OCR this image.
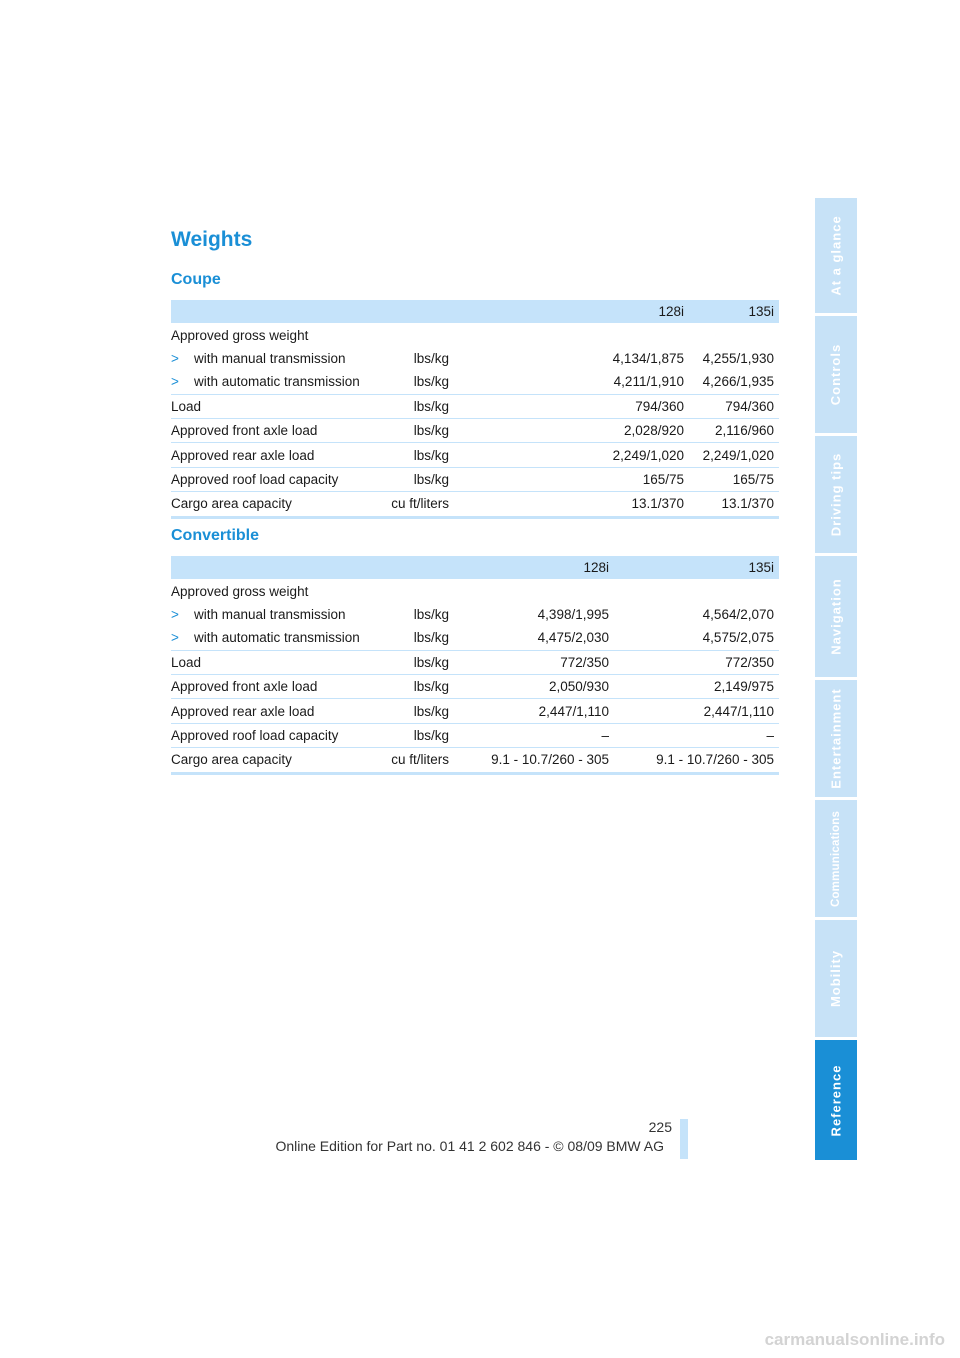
Weights
Coupe
		128i	135i
Approved gross weight			
> with manual transmission	lbs/kg	4,134/1,875	4,255/1,930
> with automatic transmission	lbs/kg	4,211/1,910	4,266/1,935
Load	lbs/kg	794/360	794/360
Approved front axle load	lbs/kg	2,028/920	2,116/960
Approved rear axle load	lbs/kg	2,249/1,020	2,249/1,020
Approved roof load capacity	lbs/kg	165/75	165/75
Cargo area capacity	cu ft/liters	13.1/370	13.1/370
Convertible
		128i	135i
Approved gross weight			
> with manual transmission	lbs/kg	4,398/1,995	4,564/2,070
> with automatic transmission	lbs/kg	4,475/2,030	4,575/2,075
Load	lbs/kg	772/350	772/350
Approved front axle load	lbs/kg	2,050/930	2,149/975
Approved rear axle load	lbs/kg	2,447/1,110	2,447/1,110
Approved roof load capacity	lbs/kg	–	–
Cargo area capacity	cu ft/liters	9.1 - 10.7/260 - 305	9.1 - 10.7/260 - 305
At a glance
Controls
Driving tips
Navigation
Entertainment
Communications
Mobility
Reference
225
Online Edition for Part no. 01 41 2 602 846 - © 08/09 BMW AG
carmanualsonline.info
